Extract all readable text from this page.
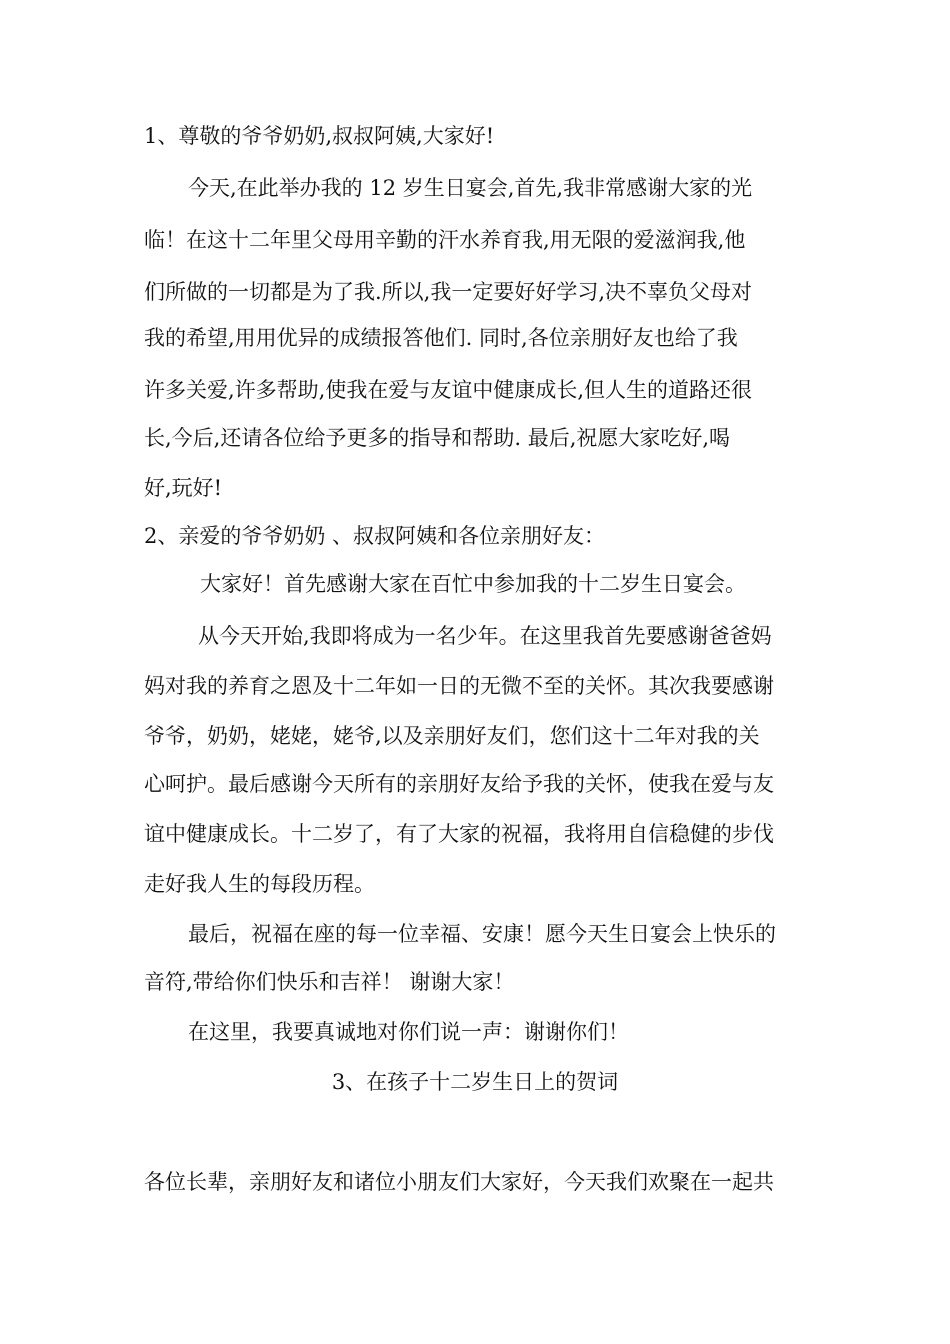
1、尊敬的爷爷奶奶,叔叔阿姨,大家好!
今天,在此举办我的 12 岁生日宴会,首先,我非常感谢大家的光
临！在这十二年里父母用辛勤的汗水养育我,用无限的爱滋润我,他
们所做的一切都是为了我.所以,我一定要好好学习,决不辜负父母对
我的希望,用用优异的成绩报答他们. 同时,各位亲朋好友也给了我
许多关爱,许多帮助,使我在爱与友谊中健康成长,但人生的道路还很
长,今后,还请各位给予更多的指导和帮助. 最后,祝愿大家吃好,喝
好,玩好!
2、亲爱的爷爷奶奶 、叔叔阿姨和各位亲朋好友：
大家好！首先感谢大家在百忙中参加我的十二岁生日宴会。
从今天开始,我即将成为一名少年。在这里我首先要感谢爸爸妈
妈对我的养育之恩及十二年如一日的无微不至的关怀。其次我要感谢
爷爷，奶奶，姥姥，姥爷,以及亲朋好友们，您们这十二年对我的关
心呵护。最后感谢今天所有的亲朋好友给予我的关怀，使我在爱与友
谊中健康成长。十二岁了，有了大家的祝福，我将用自信稳健的步伐
走好我人生的每段历程。
最后，祝福在座的每一位幸福、安康！愿今天生日宴会上快乐的
音符,带给你们快乐和吉祥！ 谢谢大家！
在这里，我要真诚地对你们说一声：谢谢你们！
3、在孩子十二岁生日上的贺词
各位长辈，亲朋好友和诸位小朋友们大家好，今天我们欢聚在一起共
